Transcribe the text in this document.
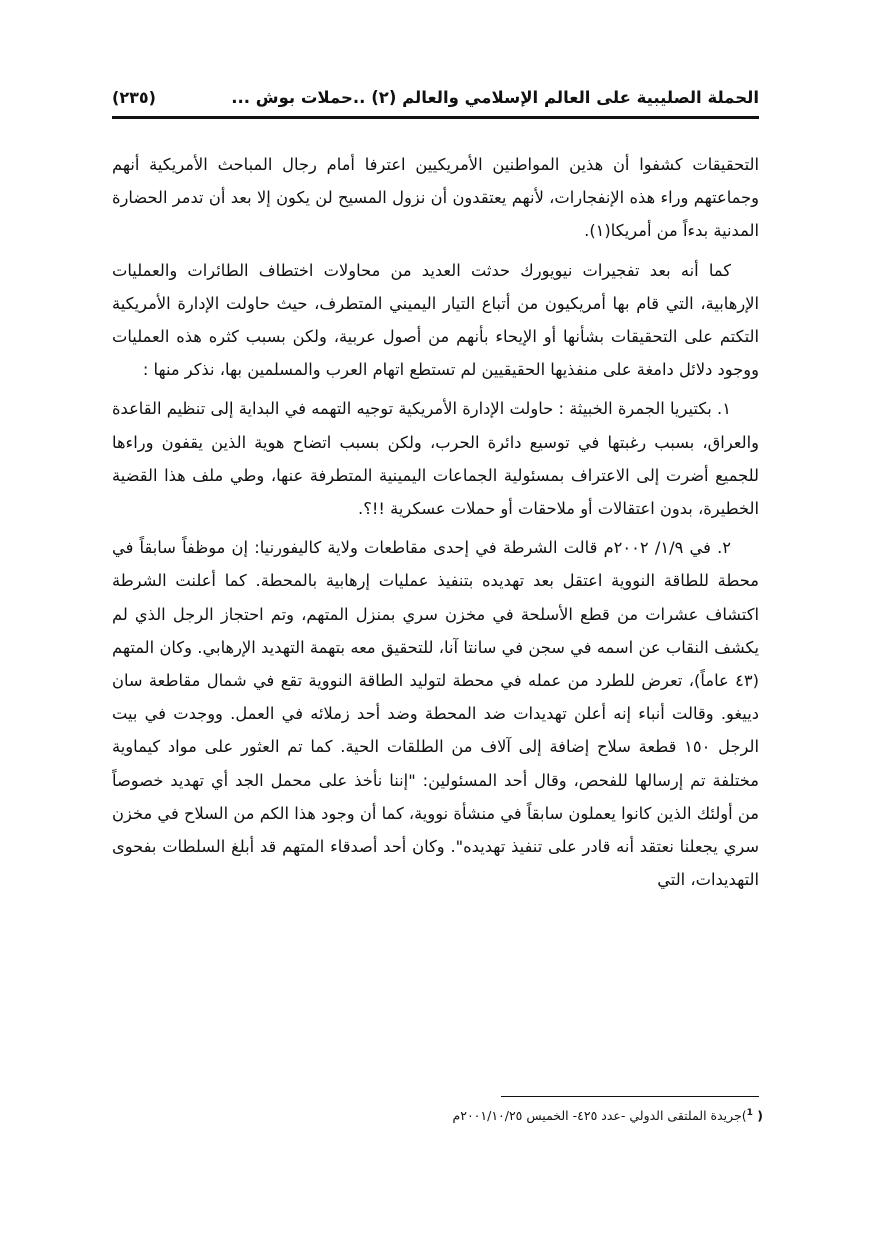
الحملة الصليبية على العالم الإسلامي والعالم (٢) ..حملات بوش ...
(٢٣٥)

التحقيقات كشفوا أن هذين المواطنين الأمريكيين اعترفا أمام رجال المباحث الأمريكية أنهم وجماعتهم وراء هذه الإنفجارات، لأنهم يعتقدون أن نزول المسيح لن يكون إلا بعد أن تدمر الحضارة المدنية بدءاً من أمريكا(١).

كما أنه بعد تفجيرات نيويورك حدثت العديد من محاولات اختطاف الطائرات والعمليات الإرهابية، التي قام بها أمريكيون من أتباع التيار اليميني المتطرف، حيث حاولت الإدارة الأمريكية التكتم على التحقيقات بشأنها أو الإيحاء بأنهم من أصول عربية، ولكن بسبب كثره هذه العمليات ووجود دلائل دامغة على منفذيها الحقيقيين لم تستطع اتهام العرب والمسلمين بها، نذكر منها :

١. بكتيريا الجمرة الخبيثة : حاولت الإدارة الأمريكية توجيه التهمه في البداية إلى تنظيم القاعدة والعراق، بسبب رغبتها في توسيع دائرة الحرب، ولكن بسبب اتضاح هوية الذين يقفون وراءها للجميع أضرت إلى الاعتراف بمسئولية الجماعات اليمينية المتطرفة عنها، وطي ملف هذا القضية الخطيرة، بدون اعتقالات أو ملاحقات أو حملات عسكرية !!؟.

٢. في ١/٩/ ٢٠٠٢م قالت الشرطة في إحدى مقاطعات ولاية كاليفورنيا: إن موظفاً سابقاً في محطة للطاقة النووية اعتقل بعد تهديده بتنفيذ عمليات إرهابية بالمحطة. كما أعلنت الشرطة اكتشاف عشرات من قطع الأسلحة في مخزن سري بمنزل المتهم، وتم احتجاز الرجل الذي لم يكشف النقاب عن اسمه في سجن في سانتا آنا، للتحقيق معه بتهمة التهديد الإرهابي. وكان المتهم (٤٣ عاماً)، تعرض للطرد من عمله في محطة لتوليد الطاقة النووية تقع في شمال مقاطعة سان دييغو. وقالت أنباء إنه أعلن تهديدات ضد المحطة وضد أحد زملائه في العمل. ووجدت في بيت الرجل ١٥٠ قطعة سلاح إضافة إلى آلاف من الطلقات الحية. كما تم العثور على مواد كيماوية مختلفة تم إرسالها للفحص، وقال أحد المسئولين: "إننا نأخذ على محمل الجد أي تهديد خصوصاً من أولئك الذين كانوا يعملون سابقاً في منشأة نووية، كما أن وجود هذا الكم من السلاح في مخزن سري يجعلنا نعتقد أنه قادر على تنفيذ تهديده". وكان أحد أصدقاء المتهم قد أبلغ السلطات بفحوى التهديدات، التي

( $^1$)جريدة الملتقى الدولي -عدد ٤٢٥- الخميس ٢٠٠١/١٠/٢٥م
